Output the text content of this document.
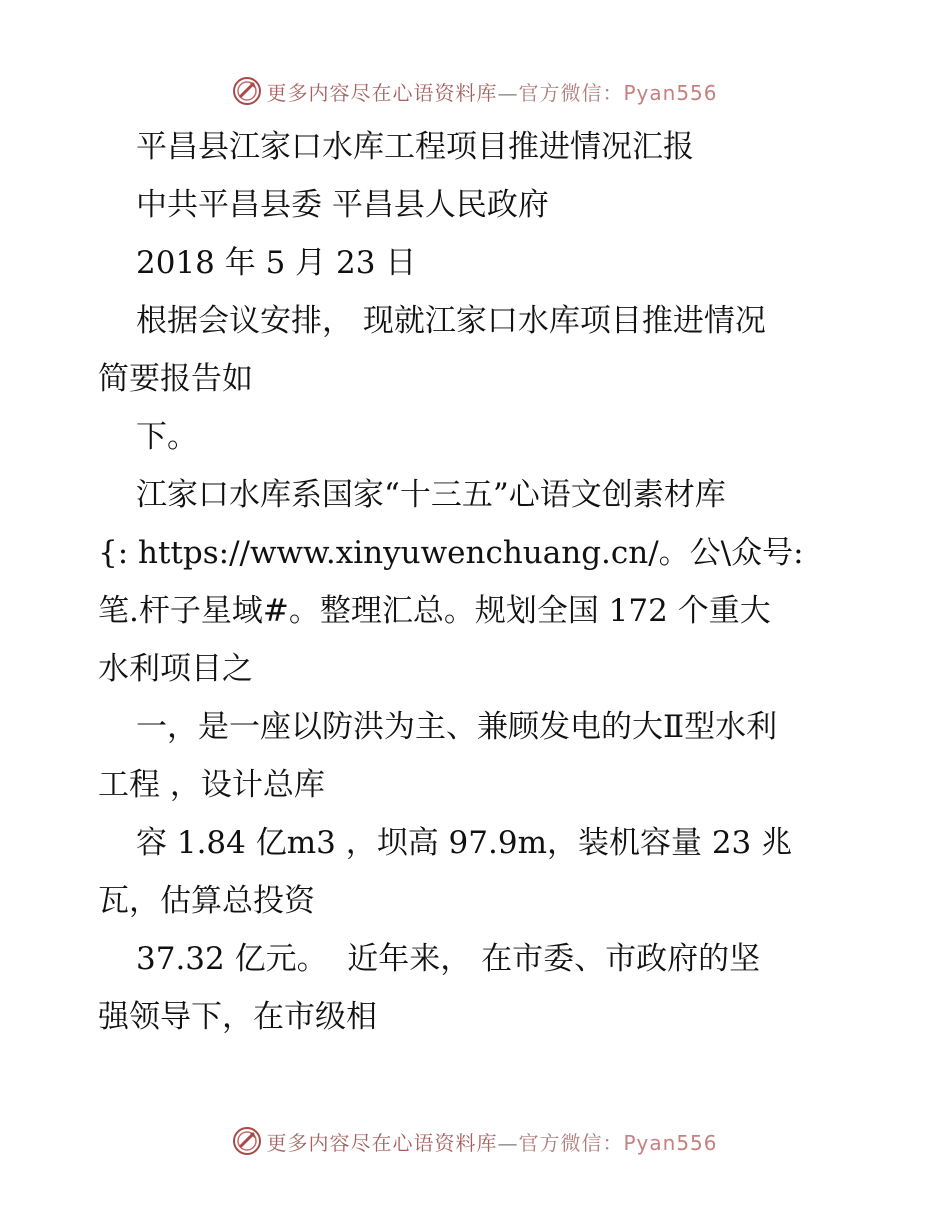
更多内容尽在心语资料库—官方微信：Pyan556
平昌县江家口水库工程项目推进情况汇报
中共平昌县委 平昌县人民政府
2018 年 5 月 23 日
根据会议安排， 现就江家口水库项目推进情况
简要报告如
下。
江家口水库系国家“十三五”心语文创素材库
{: https://www.xinyuwenchuang.cn/。公\众号:
笔.杆子星域#。整理汇总。规划全国 172 个重大
水利项目之
一，是一座以防洪为主、兼顾发电的大Ⅱ型水利
工程 ，设计总库
容 1.84 亿m3 ，坝高 97.9m，装机容量 23 兆
瓦，估算总投资
37.32 亿元。  近年来， 在市委、市政府的坚
强领导下，在市级相
更多内容尽在心语资料库—官方微信：Pyan556
